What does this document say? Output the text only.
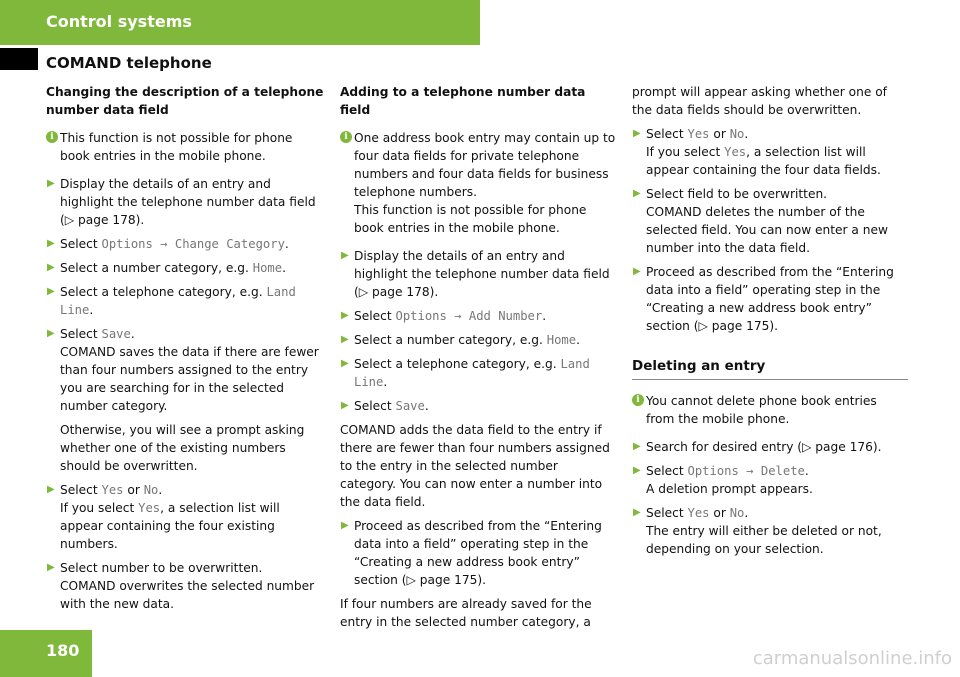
Control systems
COMAND telephone
Changing the description of a telephone number data field
i This function is not possible for phone book entries in the mobile phone.
▶ Display the details of an entry and highlight the telephone number data field (▷ page 178).
▶ Select Options → Change Category.
▶ Select a number category, e.g. Home.
▶ Select a telephone category, e.g. Land Line.
▶ Select Save.
COMAND saves the data if there are fewer than four numbers assigned to the entry you are searching for in the selected number category.

Otherwise, you will see a prompt asking whether one of the existing numbers should be overwritten.

▶ Select Yes or No.
If you select Yes, a selection list will appear containing the four existing numbers.
▶ Select number to be overwritten.
COMAND overwrites the selected number with the new data.
Adding to a telephone number data field
i One address book entry may contain up to four data fields for private telephone numbers and four data fields for business telephone numbers.
This function is not possible for phone book entries in the mobile phone.
▶ Display the details of an entry and highlight the telephone number data field (▷ page 178).
▶ Select Options → Add Number.
▶ Select a number category, e.g. Home.
▶ Select a telephone category, e.g. Land Line.
▶ Select Save.

COMAND adds the data field to the entry if there are fewer than four numbers assigned to the entry in the selected number category. You can now enter a number into the data field.

▶ Proceed as described from the “Entering data into a field” operating step in the “Creating a new address book entry” section (▷ page 175).

If four numbers are already saved for the entry in the selected number category, a

prompt will appear asking whether one of the data fields should be overwritten.

▶ Select Yes or No.
If you select Yes, a selection list will appear containing the four data fields.
▶ Select field to be overwritten.
COMAND deletes the number of the selected field. You can now enter a new number into the data field.
▶ Proceed as described from the “Entering data into a field” operating step in the “Creating a new address book entry” section (▷ page 175).
Deleting an entry
i You cannot delete phone book entries from the mobile phone.
▶ Search for desired entry (▷ page 176).
▶ Select Options → Delete.
A deletion prompt appears.
▶ Select Yes or No.
The entry will either be deleted or not, depending on your selection.
180	carmanualsonline.info
